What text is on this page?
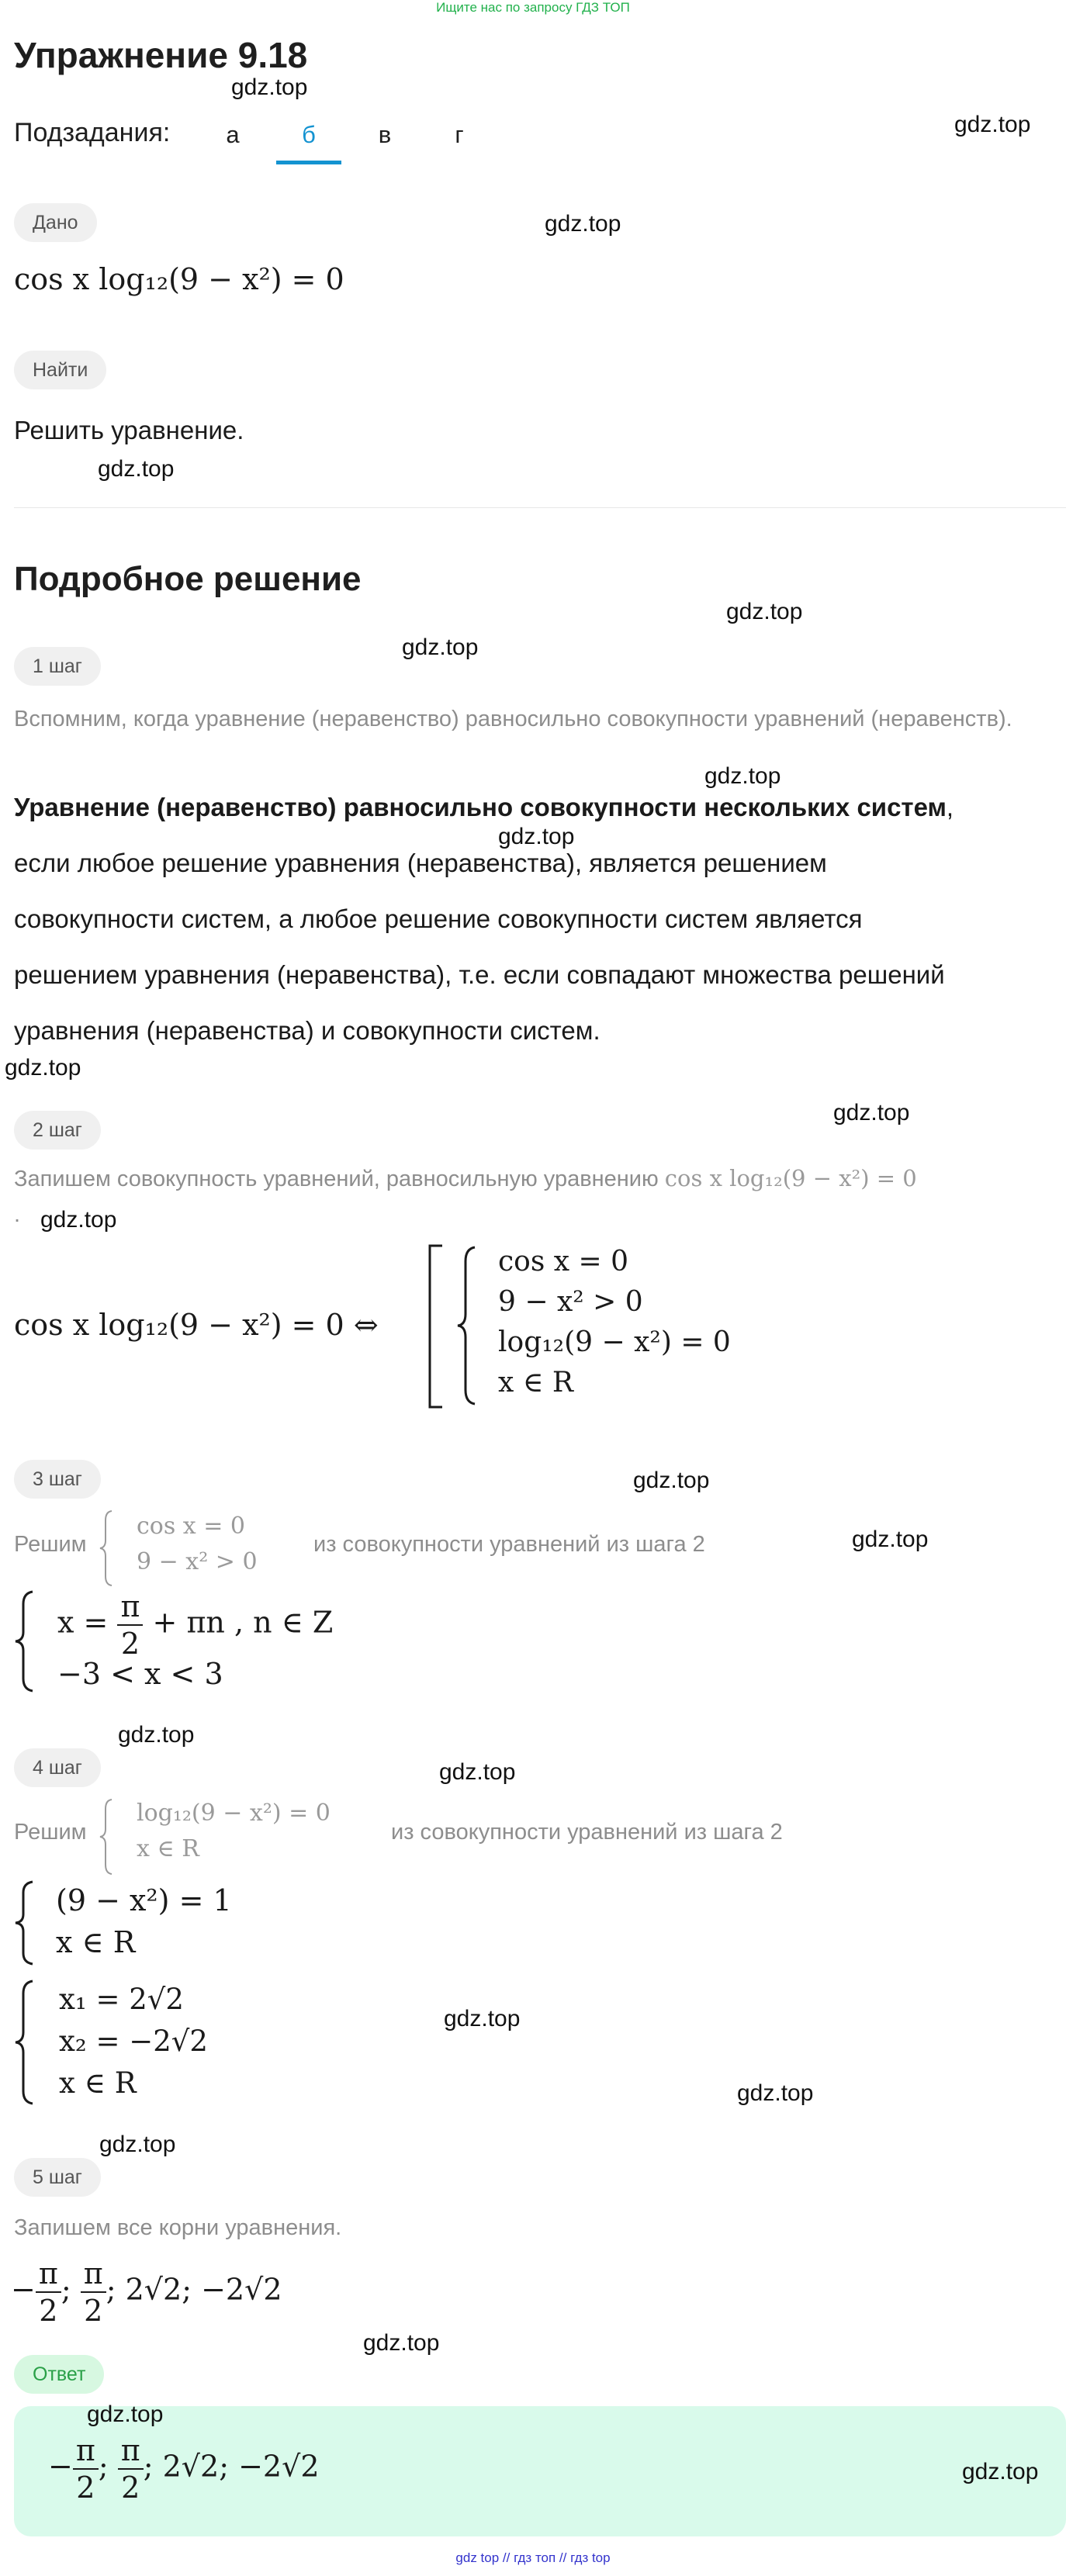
Ищите нас по запросу ГДЗ ТОП
Упражнение 9.18
Подзадания:	а	б	в	г
Дано
cos x log₁₂(9 − x²) = 0
Найти
Решить уравнение.
Подробное решение
1 шаг
Вспомним, когда уравнение (неравенство) равносильно совокупности уравнений (неравенств).
Уравнение (неравенство) равносильно совокупности нескольких систем,
если любое решение уравнения (неравенства), является решением
совокупности систем, а любое решение совокупности систем является
решением уравнения (неравенства), т.е. если совпадают множества решений
уравнения (неравенства) и совокупности систем.
2 шаг
Запишем совокупность уравнений, равносильную уравнению cos x log₁₂(9 − x²) = 0
.
cos x log₁₂(9 − x²) = 0 ⇔
cos x = 0
9 − x² > 0
log₁₂(9 − x²) = 0
x ∈ R
3 шаг
Решим
cos x = 0
9 − x² > 0
из совокупности уравнений из шага 2
$x = \frac{\pi}{2} + \pi n$ , n ∈ Z
−3 < x < 3
4 шаг
Решим
log₁₂(9 − x²) = 0
x ∈ R
из совокупности уравнений из шага 2
(9 − x²) = 1
x ∈ R
x₁ = 2√2
x₂ = −2√2
x ∈ R
5 шаг
Запишем все корни уравнения.
− $\frac{\pi}{2}$ ; $\frac{\pi}{2}$ ; 2√2; −2√2
Ответ
− $\frac{\pi}{2}$ ; $\frac{\pi}{2}$ ; 2√2; −2√2
gdz.top
gdz.top
gdz.top
gdz.top
gdz.top
gdz.top
gdz.top
gdz.top
gdz.top
gdz.top
gdz.top
gdz.top
gdz.top
gdz.top
gdz.top
gdz.top
gdz.top
gdz.top
gdz.top
gdz.top
gdz.top
gdz top // гдз топ // гдз top
